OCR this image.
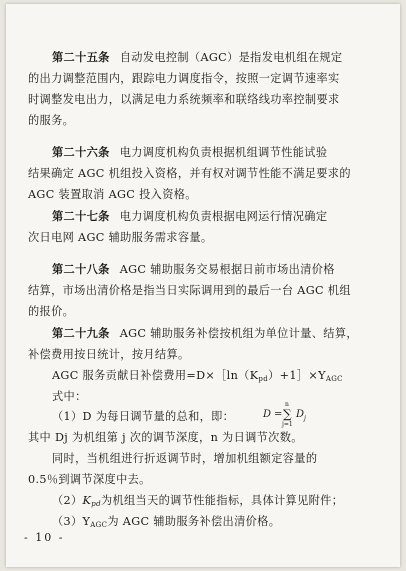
第二十五条 自动发电控制（AGC）是指发电机组在规定
的出力调整范围内，跟踪电力调度指令，按照一定调节速率实
时调整发电出力，以满足电力系统频率和联络线功率控制要求
的服务。
第二十六条 电力调度机构负责根据机组调节性能试验
结果确定 AGC 机组投入资格，并有权对调节性能不满足要求的
AGC 装置取消 AGC 投入资格。
第二十七条 电力调度机构负责根据电网运行情况确定
次日电网 AGC 辅助服务需求容量。
第二十八条 AGC 辅助服务交易根据日前市场出清价格
结算，市场出清价格是指当日实际调用到的最后一台 AGC 机组
的报价。
第二十九条 AGC 辅助服务补偿按机组为单位计量、结算，
补偿费用按日统计，按月结算。
AGC 服务贡献日补偿费用$=D\times[\ln(K_{pd})+1]\times Y_{AGC}$
式中：
（1）D 为每日调节量的总和，即：	D =
n
∑
j=1
D j
其中 Dj 为机组第 j 次的调节深度，n 为日调节次数。
同时，当机组进行折返调节时，增加机组额定容量的
0.5％到调节深度中去。
$(2)K_{pd}$为机组当天的调节性能指标，具体计算见附件；
$(3)Y_{AGC}$为 AGC 辅助服务补偿出清价格。
- 10 -
